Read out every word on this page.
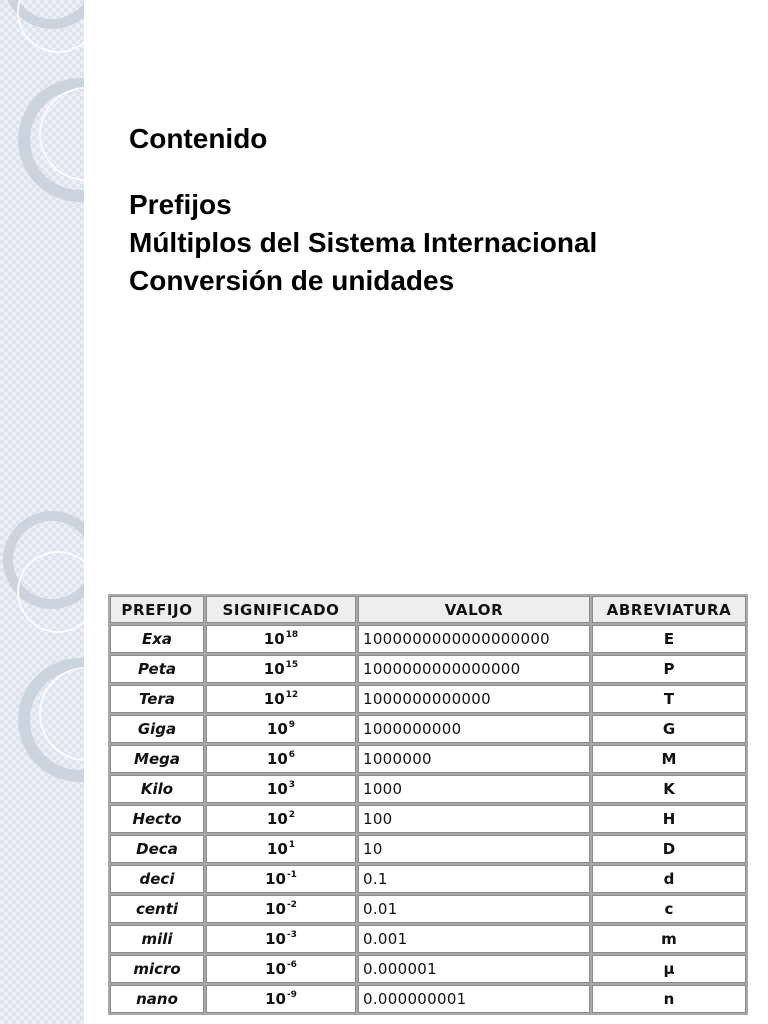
Contenido
Prefijos
Múltiplos del Sistema Internacional
Conversión de unidades
PREFIJO	SIGNIFICADO	VALOR	ABREVIATURA
Exa	$10^{18}$	1000000000000000000	E
Peta	$10^{15}$	1000000000000000	P
Tera	$10^{12}$	1000000000000	T
Giga	$10^9$	1000000000	G
Mega	$10^6$	1000000	M
Kilo	$10^3$	1000	K
Hecto	$10^2$	100	H
Deca	$10^1$	10	D
deci	$10^{-1}$	0.1	d
centi	$10^{-2}$	0.01	c
mili	$10^{-3}$	0.001	m
micro	$10^{-6}$	0.000001	μ
nano	$10^{-9}$	0.000000001	n
